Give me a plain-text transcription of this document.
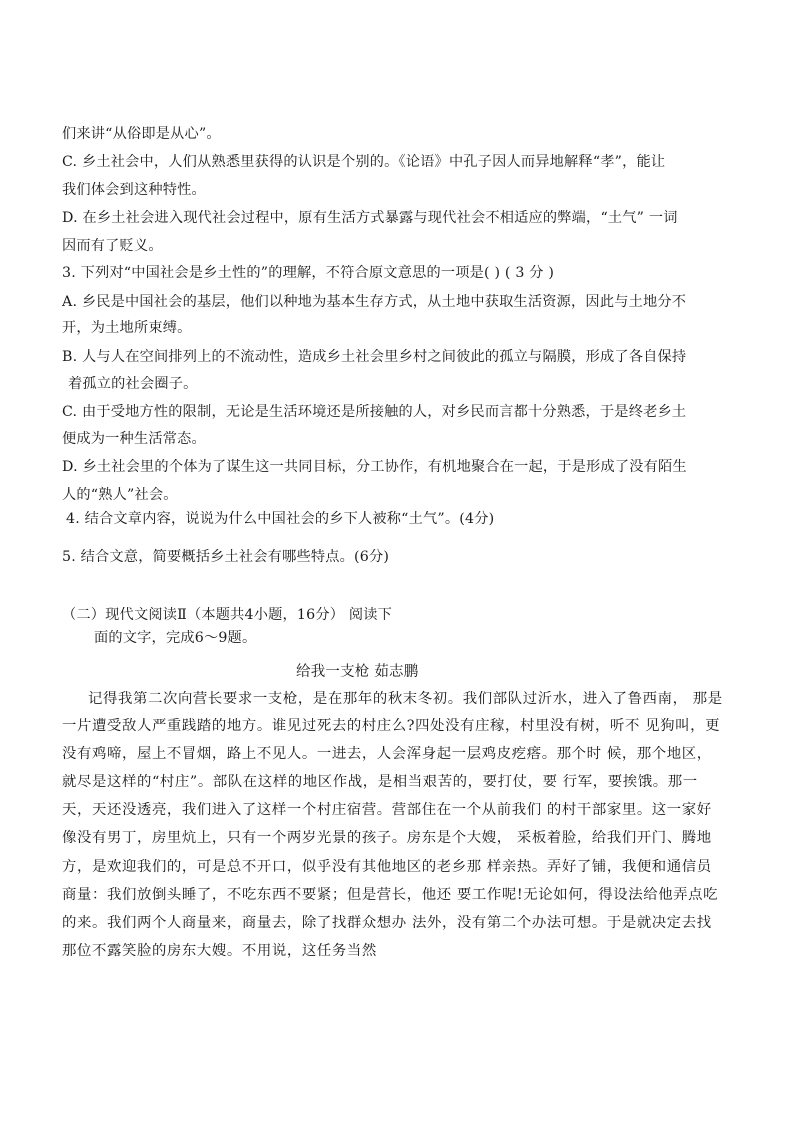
们来讲“从俗即是从心”。
C. 乡土社会中，人们从熟悉里获得的认识是个别的。《论语》中孔子因人而异地解释“孝”，能让
我们体会到这种特性。
D. 在乡土社会进入现代社会过程中，原有生活方式暴露与现代社会不相适应的弊端，“土气” 一词
因而有了贬义。
3. 下列对“中国社会是乡土性的”的理解，不符合原文意思的一项是( ) ( 3 分 )
A. 乡民是中国社会的基层，他们以种地为基本生存方式，从土地中获取生活资源，因此与土地分不
开，为土地所束缚。
B. 人与人在空间排列上的不流动性，造成乡土社会里乡村之间彼此的孤立与隔膜，形成了各自保持
着孤立的社会圈子。
C. 由于受地方性的限制，无论是生活环境还是所接触的人，对乡民而言都十分熟悉，于是终老乡土
便成为一种生活常态。
D. 乡土社会里的个体为了谋生这一共同目标，分工协作，有机地聚合在一起，于是形成了没有陌生
人的“熟人”社会。
4. 结合文章内容，说说为什么中国社会的乡下人被称“土气”。(4分)
5. 结合文意，简要概括乡土社会有哪些特点。(6分)
（二）现代文阅读Ⅱ（本题共4小题，16分） 阅读下
面的文字，完成6～9题。
给我一支枪 茹志鹏
记得我第二次向营长要求一支枪，是在那年的秋末冬初。我们部队过沂水，进入了鲁西南， 那是
一片遭受敌人严重践踏的地方。谁见过死去的村庄么?四处没有庄稼，村里没有树，听不 见狗叫，更
没有鸡啼，屋上不冒烟，路上不见人。一进去，人会浑身起一层鸡皮疙瘩。那个时 候，那个地区，
就尽是这样的“村庄”。部队在这样的地区作战，是相当艰苦的，要打仗，要 行军，要挨饿。那一
天，天还没透亮，我们进入了这样一个村庄宿营。营部住在一个从前我们 的村干部家里。这一家好
像没有男丁，房里炕上，只有一个两岁光景的孩子。房东是个大嫂， 采板着脸，给我们开门、腾地
方，是欢迎我们的，可是总不开口，似乎没有其他地区的老乡那 样亲热。弄好了铺，我便和通信员
商量：我们放倒头睡了，不吃东西不要紧；但是营长，他还 要工作呢!无论如何，得设法给他弄点吃
的来。我们两个人商量来，商量去，除了找群众想办 法外，没有第二个办法可想。于是就决定去找
那位不露笑脸的房东大嫂。不用说，这任务当然
